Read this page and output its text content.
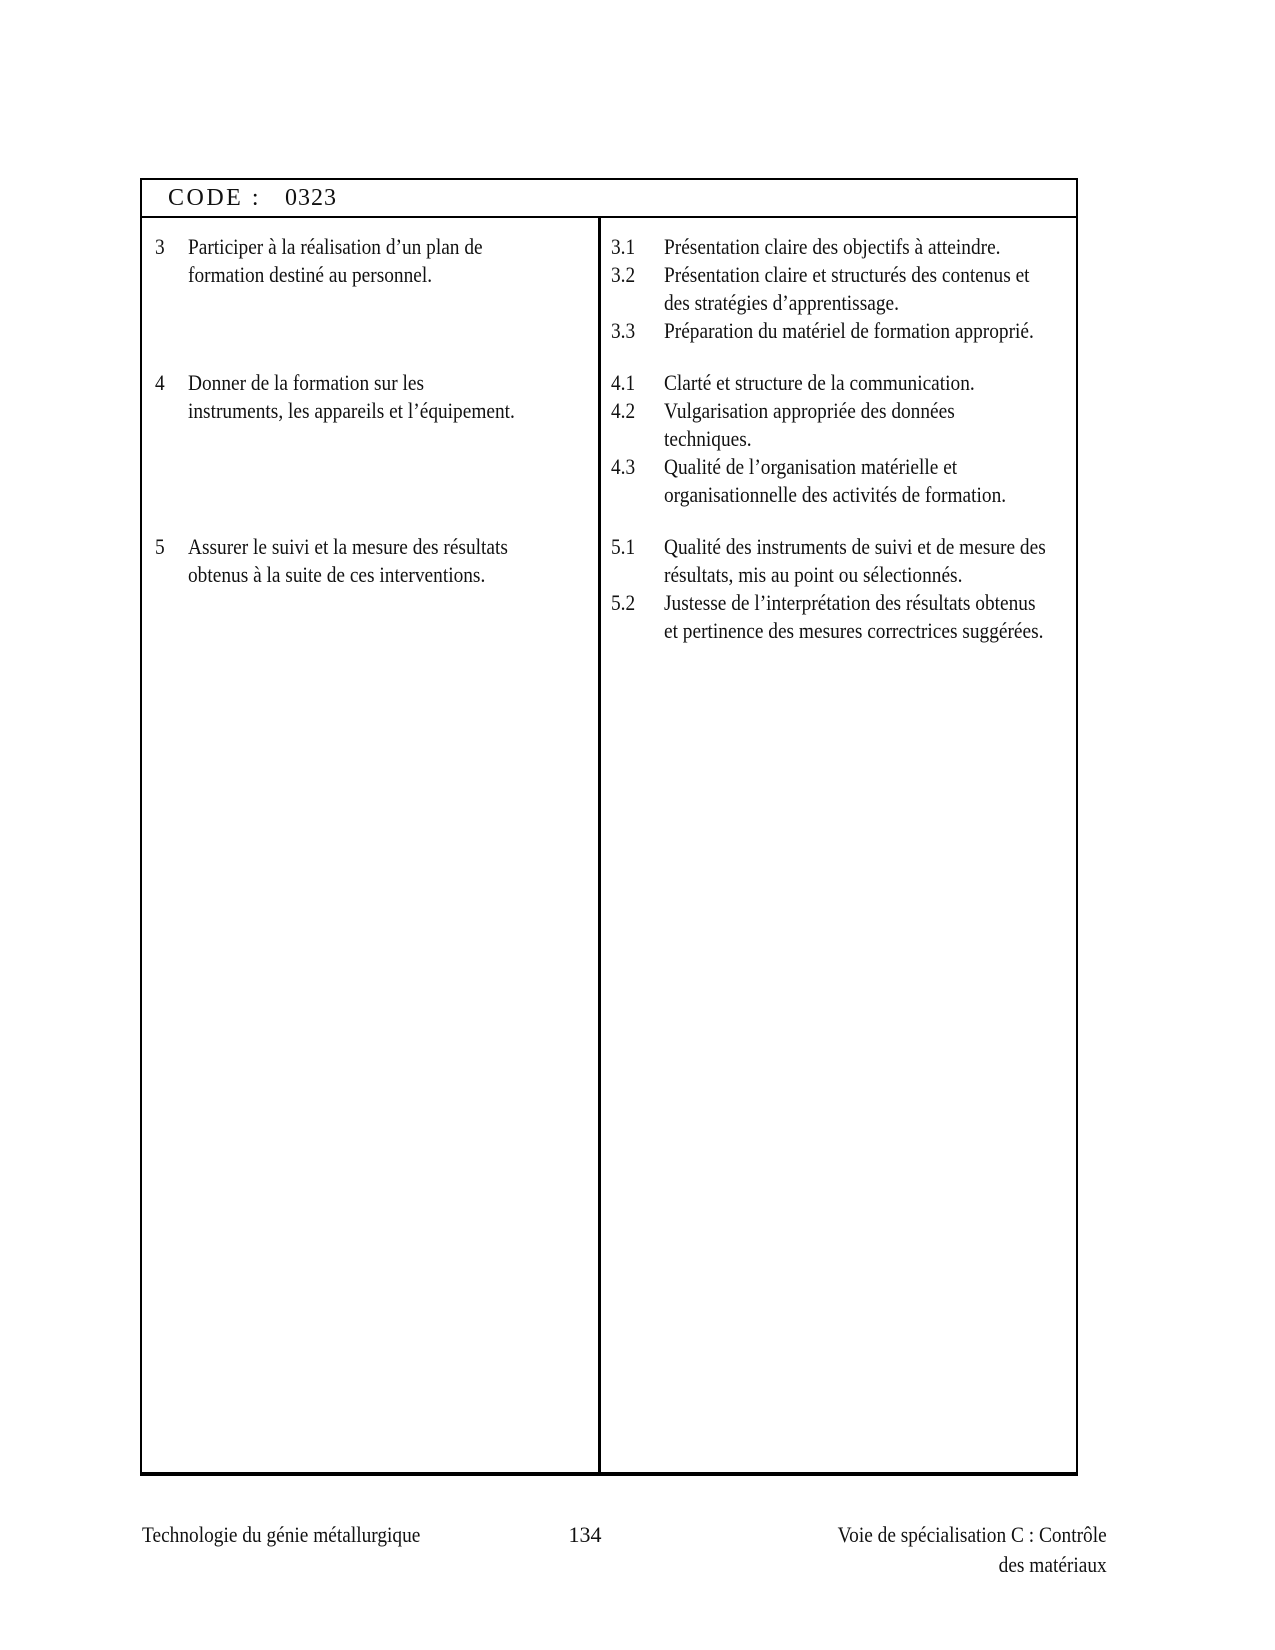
CODE : 0323
3	Participer à la réalisation d’un plan de
formation destiné au personnel.
3.1	Présentation claire des objectifs à atteindre.
3.2	Présentation claire et structurés des contenus et
des stratégies d’apprentissage.
3.3	Préparation du matériel de formation approprié.
4	Donner de la formation sur les
instruments, les appareils et l’équipement.
4.1	Clarté et structure de la communication.
4.2	Vulgarisation appropriée des données
techniques.
4.3	Qualité de l’organisation matérielle et
organisationnelle des activités de formation.
5	Assurer le suivi et la mesure des résultats
obtenus à la suite de ces interventions.
5.1	Qualité des instruments de suivi et de mesure des
résultats, mis au point ou sélectionnés.
5.2	Justesse de l’interprétation des résultats obtenus
et pertinence des mesures correctrices suggérées.
Technologie du génie métallurgique	134	Voie de spécialisation C : Contrôle
des matériaux
